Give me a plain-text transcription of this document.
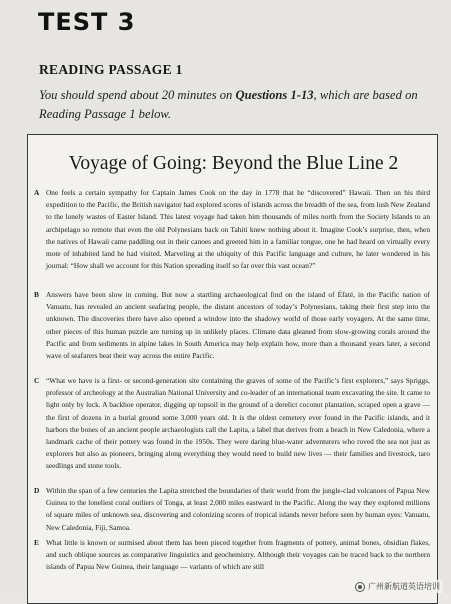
TEST 3
READING PASSAGE 1
You should spend about 20 minutes on Questions 1-13, which are based on Reading Passage 1 below.
Voyage of Going: Beyond the Blue Line 2
A One feels a certain sympathy for Captain James Cook on the day in 1778 that he “discovered” Hawaii. Then on his third expedition to the Pacific, the British navigator had explored scores of islands across the breadth of the sea, from lush New Zealand to the lonely wastes of Easter Island. This latest voyage had taken him thousands of miles north from the Society Islands to an archipelago so remote that even the old Polynesians back on Tahiti knew nothing about it. Imagine Cook’s surprise, then, when the natives of Hawaii came paddling out in their canoes and greeted him in a familiar tongue, one he had heard on virtually every mote of inhabited land he had visited. Marveling at the ubiquity of this Pacific language and culture, he later wondered in his journal: “How shall we account for this Nation spreading itself so far over this vast ocean?”
B Answers have been slow in coming. But now a startling archaeological find on the island of Éfaté, in the Pacific nation of Vanuatu, has revealed an ancient seafaring people, the distant ancestors of today’s Polynesians, taking their first step into the unknown. The discoveries there have also opened a window into the shadowy world of those early voyagers. At the same time, other pieces of this human puzzle are turning up in unlikely places. Climate data gleaned from slow-growing corals around the Pacific and from sediments in alpine lakes in South America may help explain how, more than a thousand years later, a second wave of seafarers beat their way across the entire Pacific.
C “What we have is a first- or second-generation site containing the graves of some of the Pacific’s first explorers,” says Spriggs, professor of archeology at the Australian National University and co-leader of an international team excavating the site. It came to light only by luck. A backhoe operator, digging up topsoil in the ground of a derelict coconut plantation, scraped open a grave — the first of dozens in a burial ground some 3,000 years old. It is the oldest cemetery ever found in the Pacific islands, and it harbors the bones of an ancient people archaeologists call the Lapita, a label that derives from a beach in New Caledonia, where a landmark cache of their pottery was found in the 1950s. They were daring blue-water adventurers who roved the sea not just as explorers but also as pioneers, bringing along everything they would need to build new lives — their families and livestock, taro seedlings and stone tools.
D Within the span of a few centuries the Lapita stretched the boundaries of their world from the jungle-clad volcanoes of Papua New Guinea to the loneliest coral outliers of Tonga, at least 2,000 miles eastward in the Pacific. Along the way they explored millions of square miles of unknown sea, discovering and colonizing scores of tropical islands never before seen by human eyes: Vanuatu, New Caledonia, Fiji, Samoa.
E What little is known or surmised about them has been pieced together from fragments of pottery, animal bones, obsidian flakes, and such oblique sources as comparative linguistics and geochemistry. Although their voyages can be traced back to the northern islands of Papua New Guinea, their language — variants of which are still
广州新航道英语培训
